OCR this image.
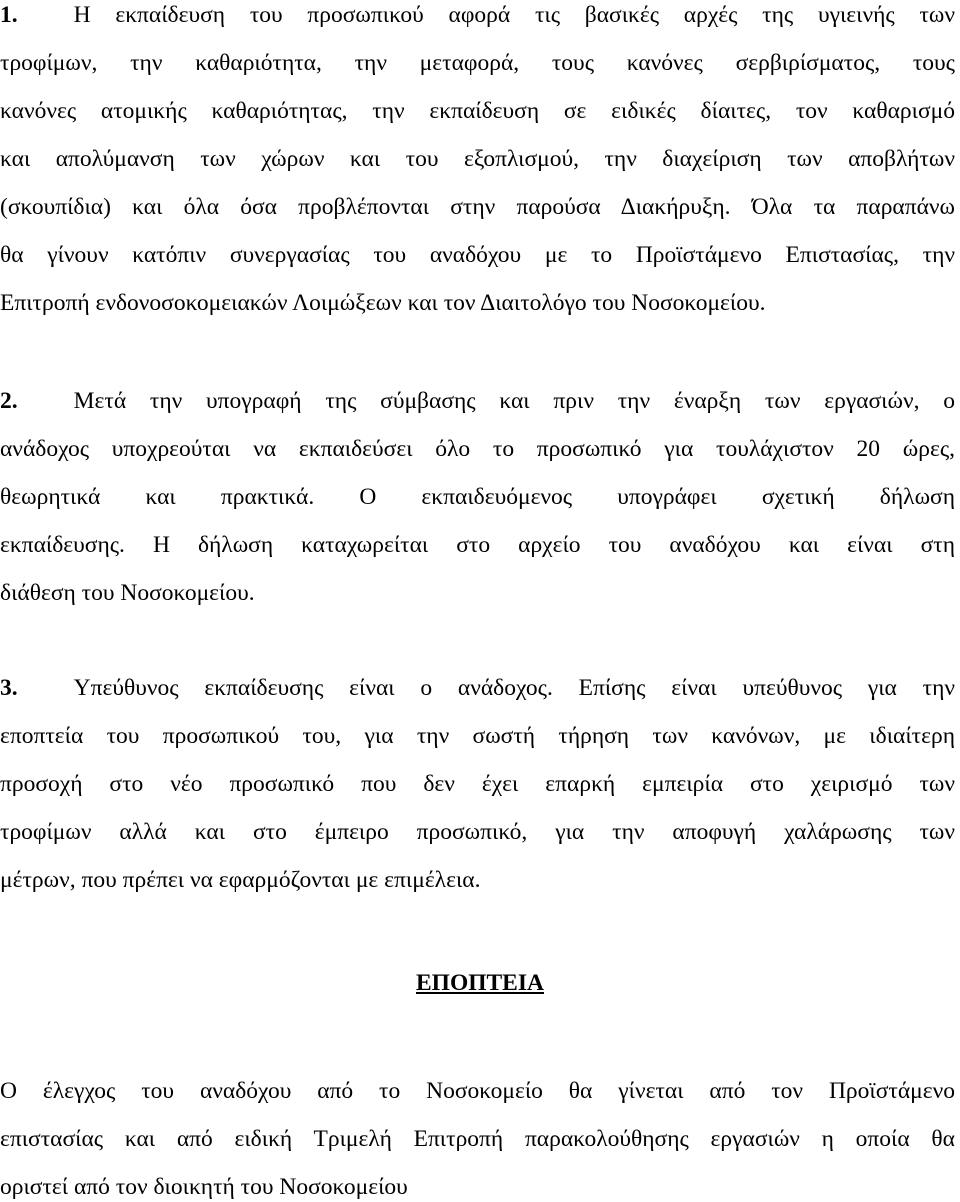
1. Η εκπαίδευση του προσωπικού αφορά τις βασικές αρχές της υγιεινής των
τροφίμων, την καθαριότητα, την μεταφορά, τους κανόνες σερβιρίσματος, τους
κανόνες ατομικής καθαριότητας, την εκπαίδευση σε ειδικές δίαιτες, τον καθαρισμό
και απολύμανση των χώρων και του εξοπλισμού, την διαχείριση των αποβλήτων
(σκουπίδια) και όλα όσα προβλέπονται στην παρούσα Διακήρυξη. Όλα τα παραπάνω
θα γίνουν κατόπιν συνεργασίας του αναδόχου με το Προϊστάμενο Επιστασίας, την
Επιτροπή ενδονοσοκομειακών Λοιμώξεων και τον Διαιτολόγο του Νοσοκομείου.
2. Μετά την υπογραφή της σύμβασης και πριν την έναρξη των εργασιών, ο
ανάδοχος υποχρεούται να εκπαιδεύσει όλο το προσωπικό για τουλάχιστον 20 ώρες,
θεωρητικά και πρακτικά. Ο εκπαιδευόμενος υπογράφει σχετική δήλωση
εκπαίδευσης. Η δήλωση καταχωρείται στο αρχείο του αναδόχου και είναι στη
διάθεση του Νοσοκομείου.
3. Υπεύθυνος εκπαίδευσης είναι ο ανάδοχος. Επίσης είναι υπεύθυνος για την
εποπτεία του προσωπικού του, για την σωστή τήρηση των κανόνων, με ιδιαίτερη
προσοχή στο νέο προσωπικό που δεν έχει επαρκή εμπειρία στο χειρισμό των
τροφίμων αλλά και στο έμπειρο προσωπικό, για την αποφυγή χαλάρωσης των
μέτρων, που πρέπει να εφαρμόζονται με επιμέλεια.
ΕΠΟΠΤΕΙΑ
Ο έλεγχος του αναδόχου από το Νοσοκομείο θα γίνεται από τον Προϊστάμενο
επιστασίας και από ειδική Τριμελή Επιτροπή παρακολούθησης εργασιών η οποία θα
οριστεί από τον διοικητή του Νοσοκομείου
